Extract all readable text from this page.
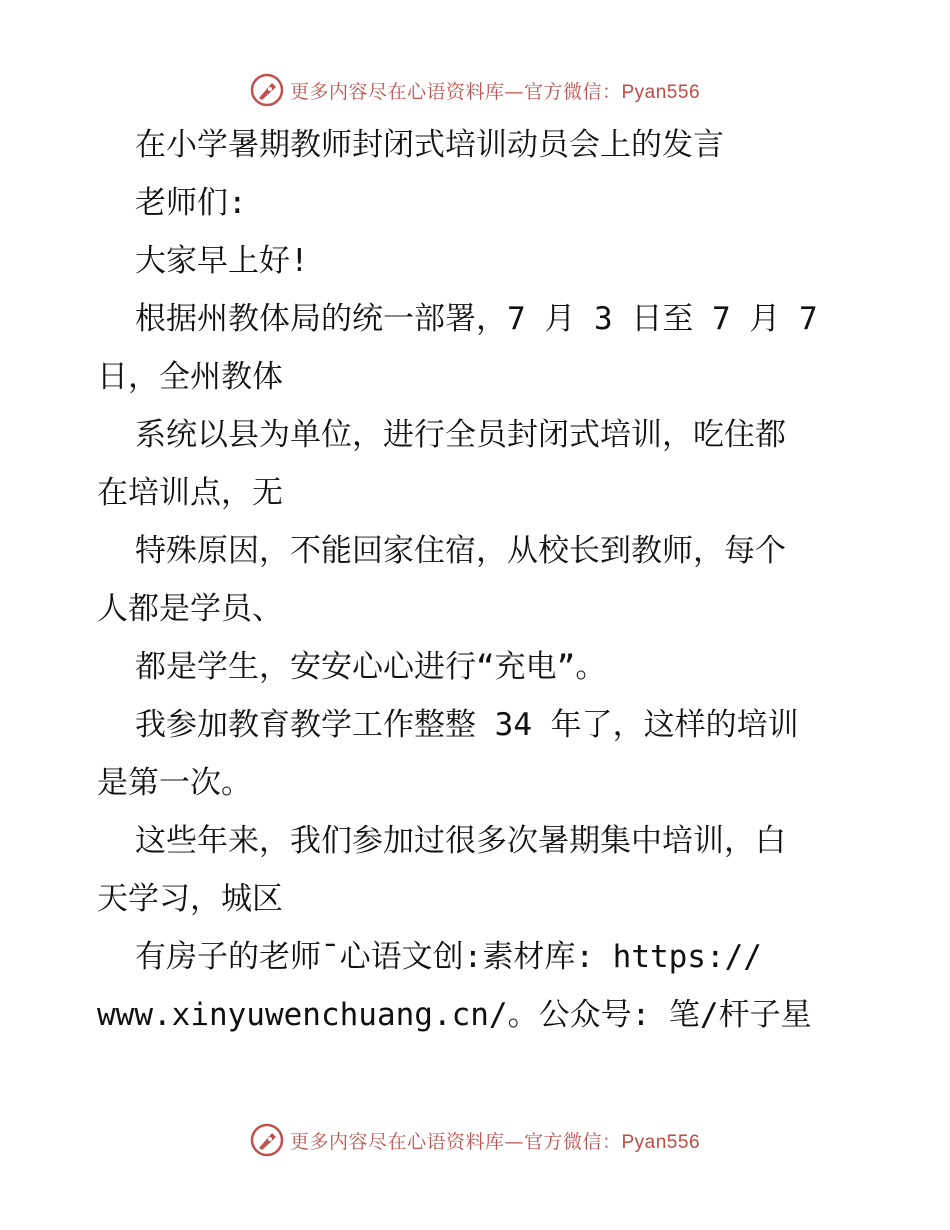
更多内容尽在心语资料库—官方微信：Pyan556
在小学暑期教师封闭式培训动员会上的发言
老师们:
大家早上好!
根据州教体局的统一部署，7 月 3 日至 7 月 7
日，全州教体
系统以县为单位，进行全员封闭式培训，吃住都
在培训点，无
特殊原因，不能回家住宿，从校长到教师，每个
人都是学员、
都是学生，安安心心进行“充电”。
我参加教育教学工作整整 34 年了，这样的培训
是第一次。
这些年来，我们参加过很多次暑期集中培训，白
天学习，城区
有房子的老师¯心语文创:素材库: https://
www.xinyuwenchuang.cn/。公众号: 笔/杆子星
更多内容尽在心语资料库—官方微信：Pyan556
